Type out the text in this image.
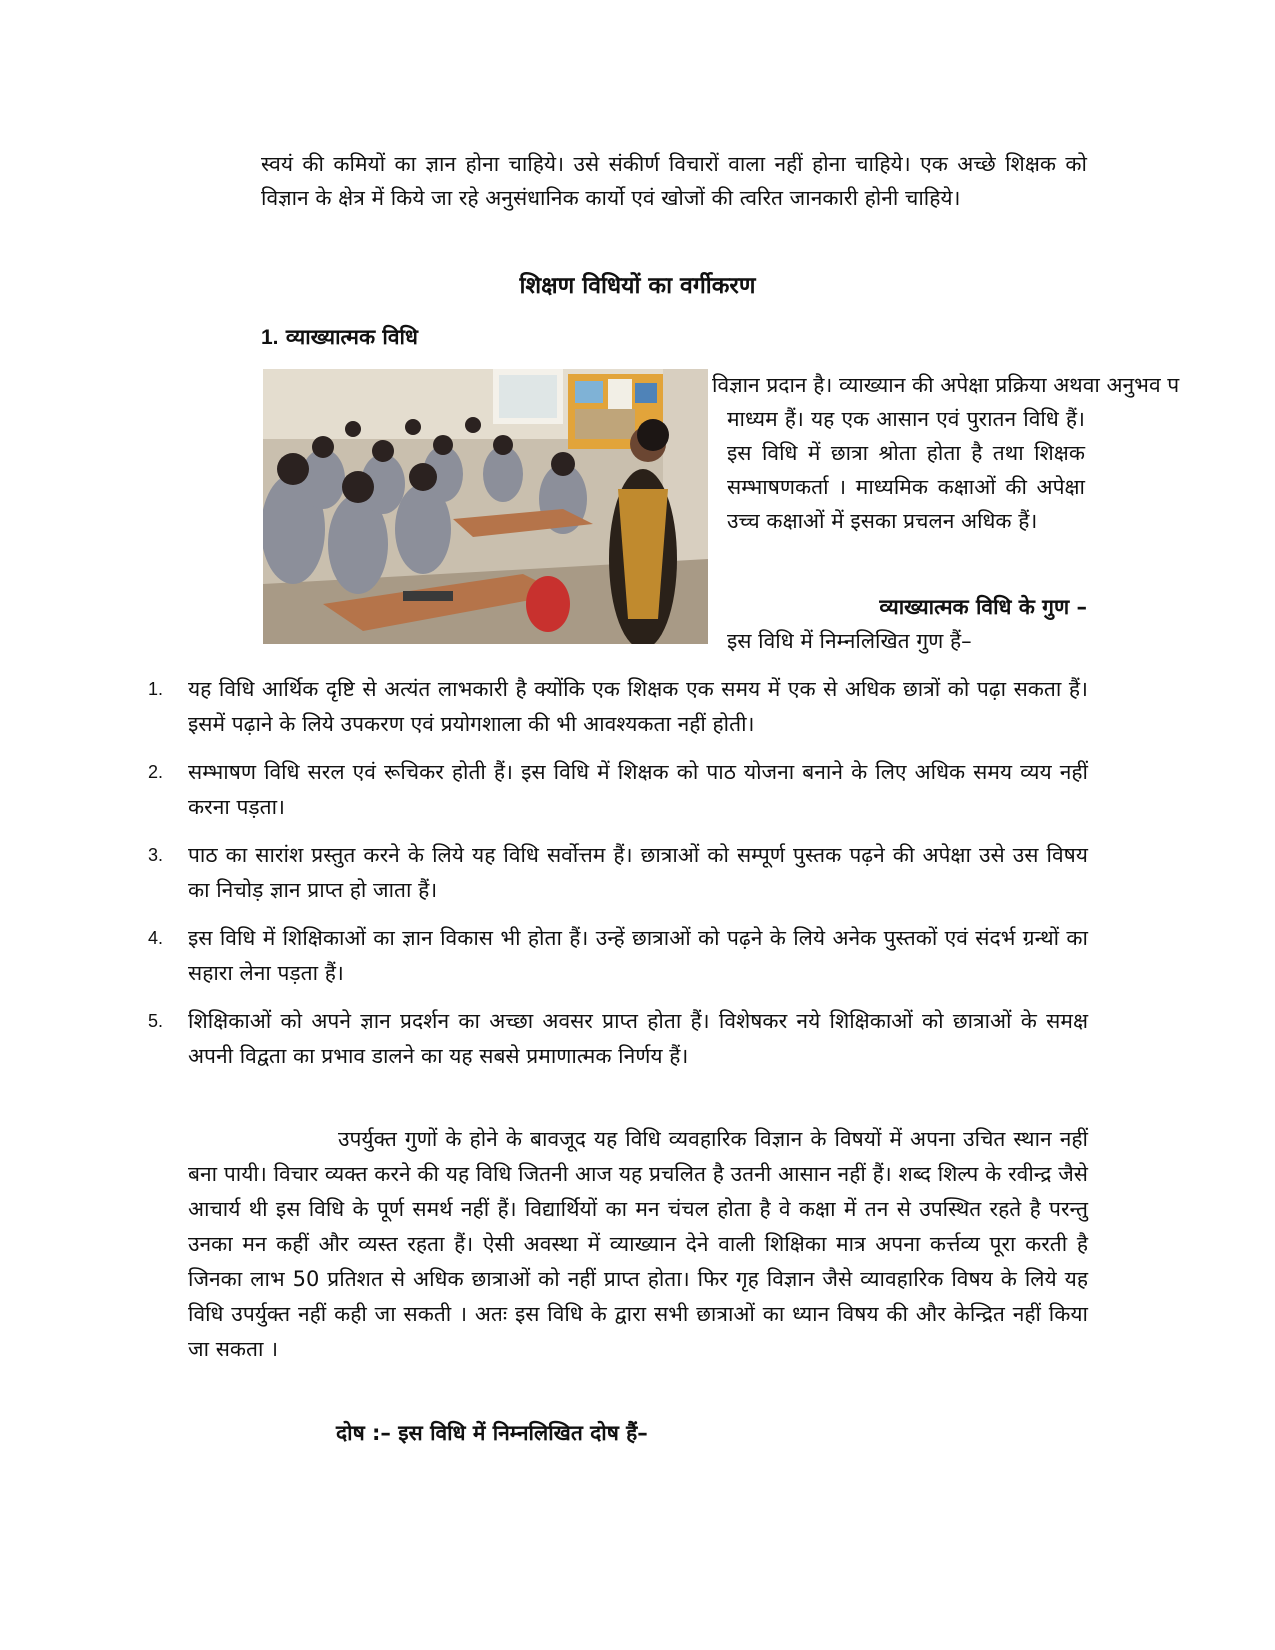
स्वयं की कमियों का ज्ञान होना चाहिये। उसे संकीर्ण विचारों वाला नहीं होना चाहिये। एक अच्छे शिक्षक को विज्ञान के क्षेत्र में किये जा रहे अनुसंधानिक कार्यो एवं खोजों की त्वरित जानकारी होनी चाहिये।
शिक्षण विधियों का वर्गीकरण
1. व्याख्यात्मक विधि
विज्ञान प्रदान है। व्याख्यान की अपेक्षा प्रक्रिया अथवा अनुभव प
माध्यम हैं। यह एक आसान एवं पुरातन विधि हैं। इस विधि में छात्रा श्रोता होता है तथा शिक्षक सम्भाषणकर्ता । माध्यमिक कक्षाओं की अपेक्षा उच्च कक्षाओं में इसका प्रचलन अधिक हैं।
व्याख्यात्मक विधि के गुण –
इस विधि में निम्नलिखित गुण हैं–
1. यह विधि आर्थिक दृष्टि से अत्यंत लाभकारी है क्योंकि एक शिक्षक एक समय में एक से अधिक छात्रों को पढ़ा सकता हैं। इसमें पढ़ाने के लिये उपकरण एवं प्रयोगशाला की भी आवश्यकता नहीं होती।
2. सम्भाषण विधि सरल एवं रूचिकर होती हैं। इस विधि में शिक्षक को पाठ योजना बनाने के लिए अधिक समय व्यय नहीं करना पड़ता।
3. पाठ का सारांश प्रस्तुत करने के लिये यह विधि सर्वोत्तम हैं। छात्राओं को सम्पूर्ण पुस्तक पढ़ने की अपेक्षा उसे उस विषय का निचोड़ ज्ञान प्राप्त हो जाता हैं।
4. इस विधि में शिक्षिकाओं का ज्ञान विकास भी होता हैं। उन्हें छात्राओं को पढ़ने के लिये अनेक पुस्तकों एवं संदर्भ ग्रन्थों का सहारा लेना पड़ता हैं।
5. शिक्षिकाओं को अपने ज्ञान प्रदर्शन का अच्छा अवसर प्राप्त होता हैं। विशेषकर नये शिक्षिकाओं को छात्राओं के समक्ष अपनी विद्वता का प्रभाव डालने का यह सबसे प्रमाणात्मक निर्णय हैं।
उपर्युक्त गुणों के होने के बावजूद यह विधि व्यवहारिक विज्ञान के विषयों में अपना उचित स्थान नहीं बना पायी। विचार व्यक्त करने की यह विधि जितनी आज यह प्रचलित है उतनी आसान नहीं हैं। शब्द शिल्प के रवीन्द्र जैसे आचार्य थी इस विधि के पूर्ण समर्थ नहीं हैं। विद्यार्थियों का मन चंचल होता है वे कक्षा में तन से उपस्थित रहते है परन्तु उनका मन कहीं और व्यस्त रहता हैं। ऐसी अवस्था में व्याख्यान देने वाली शिक्षिका मात्र अपना कर्त्तव्य पूरा करती है जिनका लाभ 50 प्रतिशत से अधिक छात्राओं को नहीं प्राप्त होता। फिर गृह विज्ञान जैसे व्यावहारिक विषय के लिये यह विधि उपर्युक्त नहीं कही जा सकती । अतः इस विधि के द्वारा सभी छात्राओं का ध्यान विषय की और केन्द्रित नहीं किया जा सकता ।
दोष :– इस विधि में निम्नलिखित दोष हैं–
